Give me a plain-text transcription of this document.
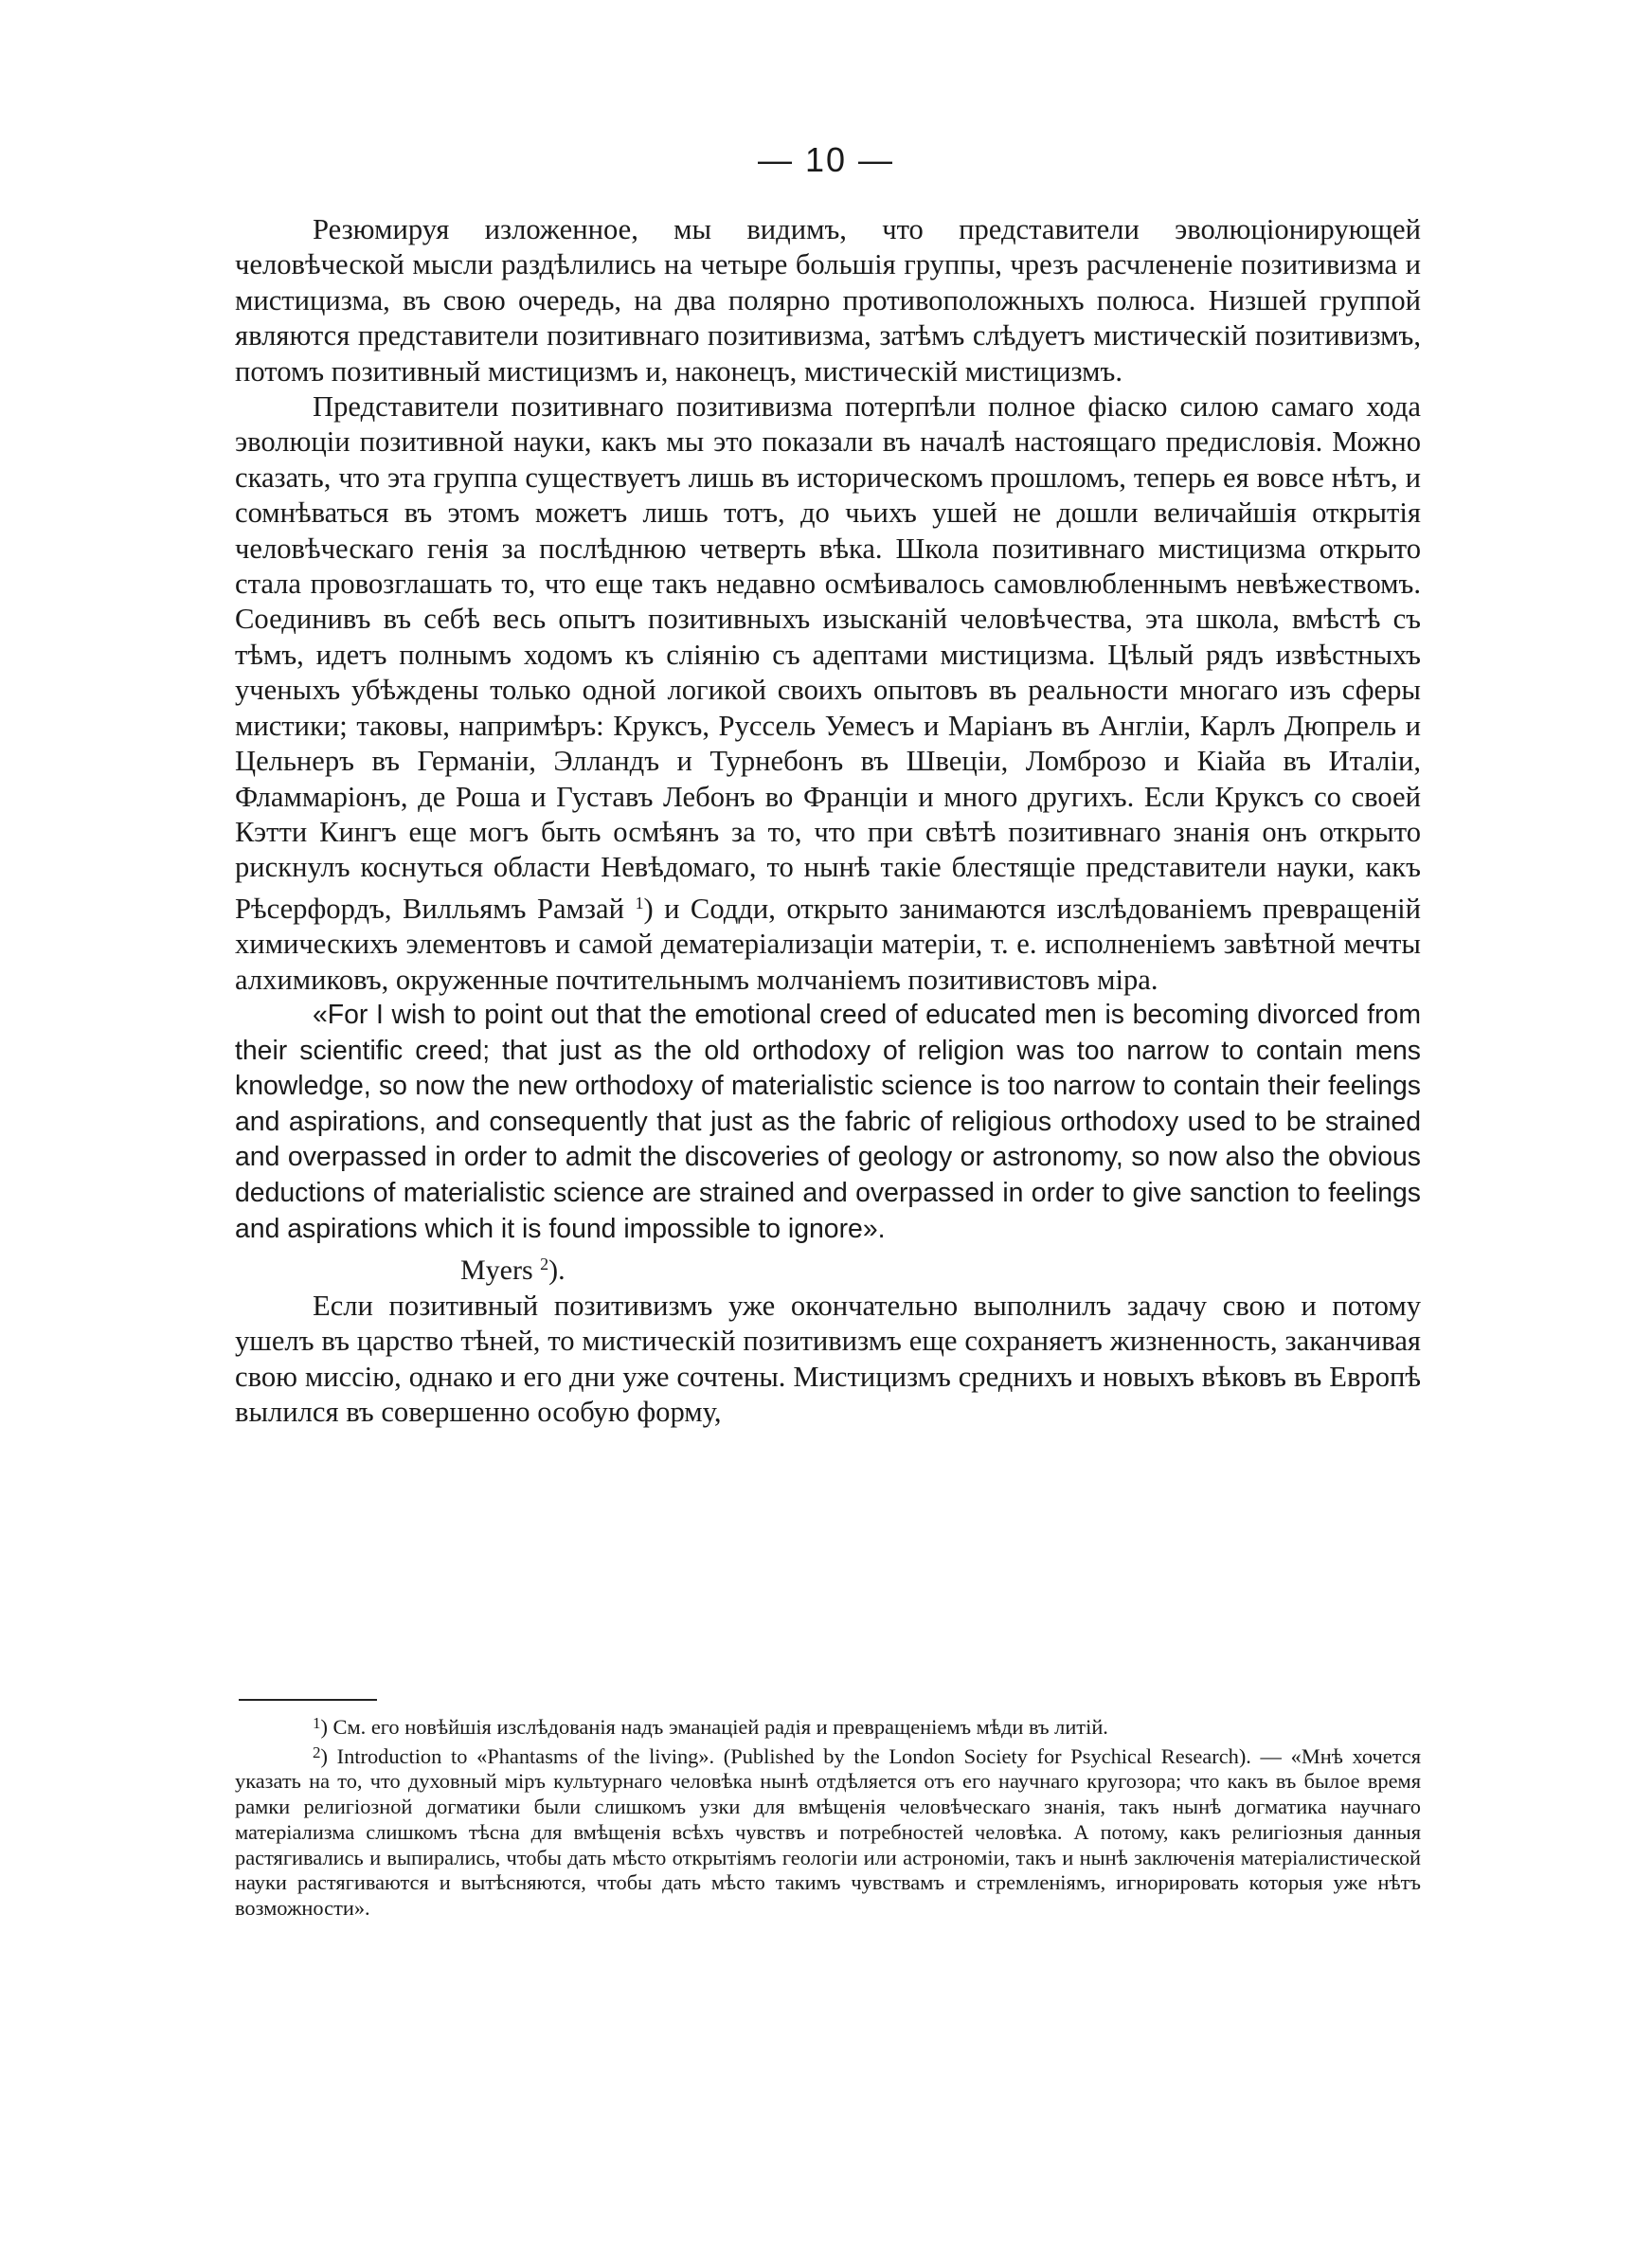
— 10 —

Резюмируя изложенное, мы видимъ, что представители эволюціонирующей человѣческой мысли раздѣлились на четыре большія группы, чрезъ расчлененіе позитивизма и мистицизма, въ свою очередь, на два полярно противоположныхъ полюса. Низшей группой являются представители позитивнаго позитивизма, затѣмъ слѣдуетъ мистическій позитивизмъ, потомъ позитивный мистицизмъ и, наконецъ, мистическій мистицизмъ.

Представители позитивнаго позитивизма потерпѣли полное фіаско силою самаго хода эволюціи позитивной науки, какъ мы это показали въ началѣ настоящаго предисловія. Можно сказать, что эта группа существуетъ лишь въ историческомъ прошломъ, теперь ея вовсе нѣтъ, и сомнѣваться въ этомъ можетъ лишь тотъ, до чьихъ ушей не дошли величайшія открытія человѣческаго генія за послѣднюю четверть вѣка. Школа позитивнаго мистицизма открыто стала провозглашать то, что еще такъ недавно осмѣивалось самовлюбленнымъ невѣжествомъ. Соединивъ въ себѣ весь опытъ позитивныхъ изысканій человѣчества, эта школа, вмѣстѣ съ тѣмъ, идетъ полнымъ ходомъ къ сліянію съ адептами мистицизма. Цѣлый рядъ извѣстныхъ ученыхъ убѣждены только одной логикой своихъ опытовъ въ реальности многаго изъ сферы мистики; таковы, напримѣръ: Круксъ, Руссель Уемесъ и Маріанъ въ Англіи, Карлъ Дюпрель и Цельнеръ въ Германіи, Элландъ и Турнебонъ въ Швеціи, Ломброзо и Кіайа въ Италіи, Фламмаріонъ, де Роша и Густавъ Лебонъ во Франціи и много другихъ. Если Круксъ со своей Кэтти Кингъ еще могъ быть осмѣянъ за то, что при свѣтѣ позитивнаго знанія онъ открыто рискнулъ коснуться области Невѣдомаго, то нынѣ такіе блестящіе представители науки, какъ Рѣсерфордъ, Вилльямъ Рамзай $^1$) и Содди, открыто занимаются изслѣдованіемъ превращеній химическихъ элементовъ и самой дематеріализаціи матеріи, т. е. исполненіемъ завѣтной мечты алхимиковъ, окруженные почтительнымъ молчаніемъ позитивистовъ міра.

«For I wish to point out that the emotional creed of educated men is becoming divorced from their scientific creed; that just as the old orthodoxy of religion was too narrow to contain mens knowledge, so now the new orthodoxy of materialistic science is too narrow to contain their feelings and aspirations, and consequently that just as the fabric of religious orthodoxy used to be strained and overpassed in order to admit the discoveries of geology or astronomy, so now also the obvious deductions of materialistic science are strained and overpassed in order to give sanction to feelings and aspirations which it is found impossible to ignore».

Myers $^2$).

Если позитивный позитивизмъ уже окончательно выполнилъ задачу свою и потому ушелъ въ царство тѣней, то мистическій позитивизмъ еще сохраняетъ жизненность, заканчивая свою миссію, однако и его дни уже сочтены. Мистицизмъ среднихъ и новыхъ вѣковъ въ Европѣ вылился въ совершенно особую форму,

$^1$) См. его новѣйшія изслѣдованія надъ эманаціей радія и превращеніемъ мѣди въ литій.

$^2$) Introduction to «Phantasms of the living». (Published by the London Society for Psychical Research). — «Мнѣ хочется указать на то, что духовный міръ культурнаго человѣка нынѣ отдѣляется отъ его научнаго кругозора; что какъ въ былое время рамки религіозной догматики были слишкомъ узки для вмѣщенія человѣческаго знанія, такъ нынѣ догматика научнаго матеріализма слишкомъ тѣсна для вмѣщенія всѣхъ чувствъ и потребностей человѣка. А потому, какъ религіозныя данныя растягивались и выпирались, чтобы дать мѣсто открытіямъ геологіи или астрономіи, такъ и нынѣ заключенія матеріалистической науки растягиваются и вытѣсняются, чтобы дать мѣсто такимъ чувствамъ и стремленіямъ, игнорировать которыя уже нѣтъ возможности».
